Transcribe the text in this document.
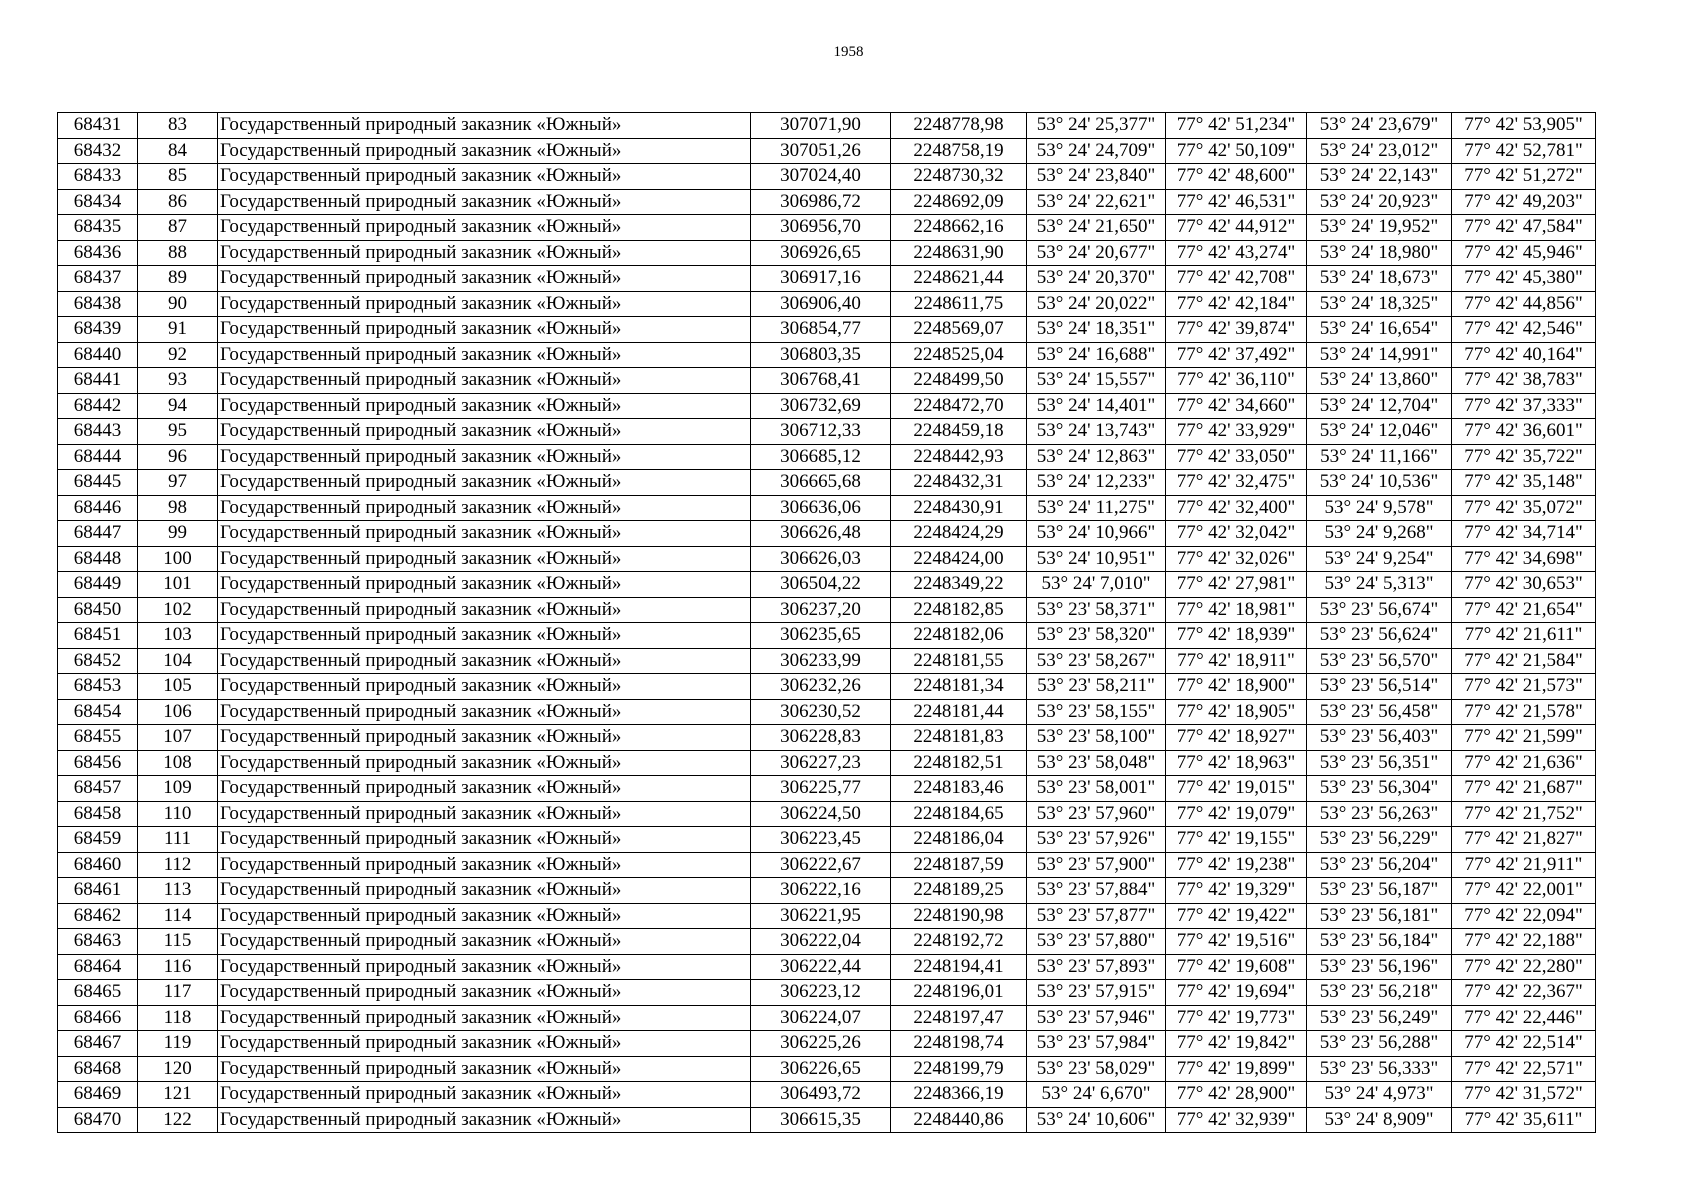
1958
68431	83	Государственный природный заказник «Южный»	307071,90	2248778,98	53° 24' 25,377"	77° 42' 51,234"	53° 24' 23,679"	77° 42' 53,905"
68432	84	Государственный природный заказник «Южный»	307051,26	2248758,19	53° 24' 24,709"	77° 42' 50,109"	53° 24' 23,012"	77° 42' 52,781"
68433	85	Государственный природный заказник «Южный»	307024,40	2248730,32	53° 24' 23,840"	77° 42' 48,600"	53° 24' 22,143"	77° 42' 51,272"
68434	86	Государственный природный заказник «Южный»	306986,72	2248692,09	53° 24' 22,621"	77° 42' 46,531"	53° 24' 20,923"	77° 42' 49,203"
68435	87	Государственный природный заказник «Южный»	306956,70	2248662,16	53° 24' 21,650"	77° 42' 44,912"	53° 24' 19,952"	77° 42' 47,584"
68436	88	Государственный природный заказник «Южный»	306926,65	2248631,90	53° 24' 20,677"	77° 42' 43,274"	53° 24' 18,980"	77° 42' 45,946"
68437	89	Государственный природный заказник «Южный»	306917,16	2248621,44	53° 24' 20,370"	77° 42' 42,708"	53° 24' 18,673"	77° 42' 45,380"
68438	90	Государственный природный заказник «Южный»	306906,40	2248611,75	53° 24' 20,022"	77° 42' 42,184"	53° 24' 18,325"	77° 42' 44,856"
68439	91	Государственный природный заказник «Южный»	306854,77	2248569,07	53° 24' 18,351"	77° 42' 39,874"	53° 24' 16,654"	77° 42' 42,546"
68440	92	Государственный природный заказник «Южный»	306803,35	2248525,04	53° 24' 16,688"	77° 42' 37,492"	53° 24' 14,991"	77° 42' 40,164"
68441	93	Государственный природный заказник «Южный»	306768,41	2248499,50	53° 24' 15,557"	77° 42' 36,110"	53° 24' 13,860"	77° 42' 38,783"
68442	94	Государственный природный заказник «Южный»	306732,69	2248472,70	53° 24' 14,401"	77° 42' 34,660"	53° 24' 12,704"	77° 42' 37,333"
68443	95	Государственный природный заказник «Южный»	306712,33	2248459,18	53° 24' 13,743"	77° 42' 33,929"	53° 24' 12,046"	77° 42' 36,601"
68444	96	Государственный природный заказник «Южный»	306685,12	2248442,93	53° 24' 12,863"	77° 42' 33,050"	53° 24' 11,166"	77° 42' 35,722"
68445	97	Государственный природный заказник «Южный»	306665,68	2248432,31	53° 24' 12,233"	77° 42' 32,475"	53° 24' 10,536"	77° 42' 35,148"
68446	98	Государственный природный заказник «Южный»	306636,06	2248430,91	53° 24' 11,275"	77° 42' 32,400"	53° 24' 9,578"	77° 42' 35,072"
68447	99	Государственный природный заказник «Южный»	306626,48	2248424,29	53° 24' 10,966"	77° 42' 32,042"	53° 24' 9,268"	77° 42' 34,714"
68448	100	Государственный природный заказник «Южный»	306626,03	2248424,00	53° 24' 10,951"	77° 42' 32,026"	53° 24' 9,254"	77° 42' 34,698"
68449	101	Государственный природный заказник «Южный»	306504,22	2248349,22	53° 24' 7,010"	77° 42' 27,981"	53° 24' 5,313"	77° 42' 30,653"
68450	102	Государственный природный заказник «Южный»	306237,20	2248182,85	53° 23' 58,371"	77° 42' 18,981"	53° 23' 56,674"	77° 42' 21,654"
68451	103	Государственный природный заказник «Южный»	306235,65	2248182,06	53° 23' 58,320"	77° 42' 18,939"	53° 23' 56,624"	77° 42' 21,611"
68452	104	Государственный природный заказник «Южный»	306233,99	2248181,55	53° 23' 58,267"	77° 42' 18,911"	53° 23' 56,570"	77° 42' 21,584"
68453	105	Государственный природный заказник «Южный»	306232,26	2248181,34	53° 23' 58,211"	77° 42' 18,900"	53° 23' 56,514"	77° 42' 21,573"
68454	106	Государственный природный заказник «Южный»	306230,52	2248181,44	53° 23' 58,155"	77° 42' 18,905"	53° 23' 56,458"	77° 42' 21,578"
68455	107	Государственный природный заказник «Южный»	306228,83	2248181,83	53° 23' 58,100"	77° 42' 18,927"	53° 23' 56,403"	77° 42' 21,599"
68456	108	Государственный природный заказник «Южный»	306227,23	2248182,51	53° 23' 58,048"	77° 42' 18,963"	53° 23' 56,351"	77° 42' 21,636"
68457	109	Государственный природный заказник «Южный»	306225,77	2248183,46	53° 23' 58,001"	77° 42' 19,015"	53° 23' 56,304"	77° 42' 21,687"
68458	110	Государственный природный заказник «Южный»	306224,50	2248184,65	53° 23' 57,960"	77° 42' 19,079"	53° 23' 56,263"	77° 42' 21,752"
68459	111	Государственный природный заказник «Южный»	306223,45	2248186,04	53° 23' 57,926"	77° 42' 19,155"	53° 23' 56,229"	77° 42' 21,827"
68460	112	Государственный природный заказник «Южный»	306222,67	2248187,59	53° 23' 57,900"	77° 42' 19,238"	53° 23' 56,204"	77° 42' 21,911"
68461	113	Государственный природный заказник «Южный»	306222,16	2248189,25	53° 23' 57,884"	77° 42' 19,329"	53° 23' 56,187"	77° 42' 22,001"
68462	114	Государственный природный заказник «Южный»	306221,95	2248190,98	53° 23' 57,877"	77° 42' 19,422"	53° 23' 56,181"	77° 42' 22,094"
68463	115	Государственный природный заказник «Южный»	306222,04	2248192,72	53° 23' 57,880"	77° 42' 19,516"	53° 23' 56,184"	77° 42' 22,188"
68464	116	Государственный природный заказник «Южный»	306222,44	2248194,41	53° 23' 57,893"	77° 42' 19,608"	53° 23' 56,196"	77° 42' 22,280"
68465	117	Государственный природный заказник «Южный»	306223,12	2248196,01	53° 23' 57,915"	77° 42' 19,694"	53° 23' 56,218"	77° 42' 22,367"
68466	118	Государственный природный заказник «Южный»	306224,07	2248197,47	53° 23' 57,946"	77° 42' 19,773"	53° 23' 56,249"	77° 42' 22,446"
68467	119	Государственный природный заказник «Южный»	306225,26	2248198,74	53° 23' 57,984"	77° 42' 19,842"	53° 23' 56,288"	77° 42' 22,514"
68468	120	Государственный природный заказник «Южный»	306226,65	2248199,79	53° 23' 58,029"	77° 42' 19,899"	53° 23' 56,333"	77° 42' 22,571"
68469	121	Государственный природный заказник «Южный»	306493,72	2248366,19	53° 24' 6,670"	77° 42' 28,900"	53° 24' 4,973"	77° 42' 31,572"
68470	122	Государственный природный заказник «Южный»	306615,35	2248440,86	53° 24' 10,606"	77° 42' 32,939"	53° 24' 8,909"	77° 42' 35,611"
